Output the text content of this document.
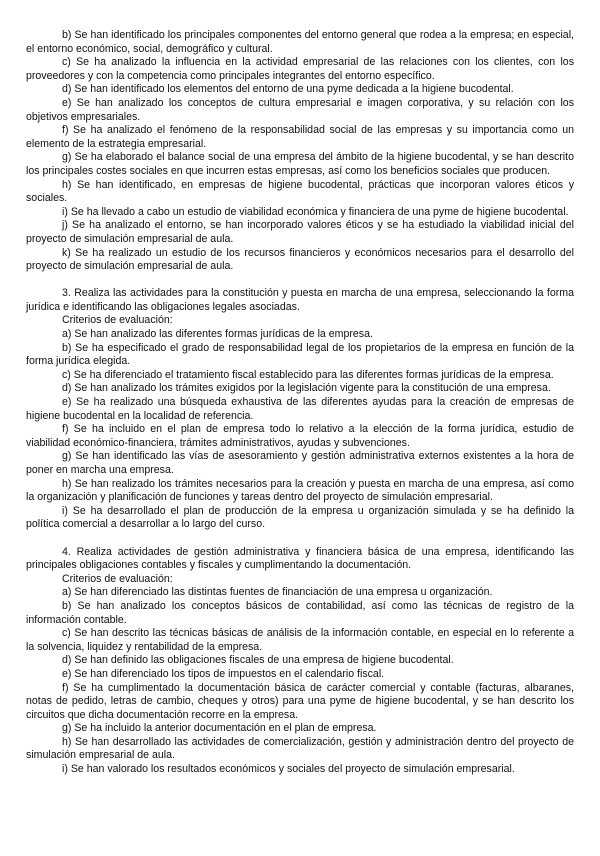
b) Se han identificado los principales componentes del entorno general que rodea a la empresa; en especial, el entorno económico, social, demográfico y cultural.

c) Se ha analizado la influencia en la actividad empresarial de las relaciones con los clientes, con los proveedores y con la competencia como principales integrantes del entorno específico.

d) Se han identificado los elementos del entorno de una pyme dedicada a la higiene bucodental.

e) Se han analizado los conceptos de cultura empresarial e imagen corporativa, y su relación con los objetivos empresariales.

f) Se ha analizado el fenómeno de la responsabilidad social de las empresas y su importancia como un elemento de la estrategia empresarial.

g) Se ha elaborado el balance social de una empresa del ámbito de la higiene bucodental, y se han descrito los principales costes sociales en que incurren estas empresas, así como los beneficios sociales que producen.

h) Se han identificado, en empresas de higiene bucodental, prácticas que incorporan valores éticos y sociales.

i) Se ha llevado a cabo un estudio de viabilidad económica y financiera de una pyme de higiene bucodental.

j) Se ha analizado el entorno, se han incorporado valores éticos y se ha estudiado la viabilidad inicial del proyecto de simulación empresarial de aula.

k) Se ha realizado un estudio de los recursos financieros y económicos necesarios para el desarrollo del proyecto de simulación empresarial de aula.

3. Realiza las actividades para la constitución y puesta en marcha de una empresa, seleccionando la forma jurídica e identificando las obligaciones legales asociadas.

Criterios de evaluación:

a) Se han analizado las diferentes formas jurídicas de la empresa.

b) Se ha especificado el grado de responsabilidad legal de los propietarios de la empresa en función de la forma jurídica elegida.

c) Se ha diferenciado el tratamiento fiscal establecido para las diferentes formas jurídicas de la empresa.

d) Se han analizado los trámites exigidos por la legislación vigente para la constitución de una empresa.

e) Se ha realizado una búsqueda exhaustiva de las diferentes ayudas para la creación de empresas de higiene bucodental en la localidad de referencia.

f) Se ha incluido en el plan de empresa todo lo relativo a la elección de la forma jurídica, estudio de viabilidad económico-financiera, trámites administrativos, ayudas y subvenciones.

g) Se han identificado las vías de asesoramiento y gestión administrativa externos existentes a la hora de poner en marcha una empresa.

h) Se han realizado los trámites necesarios para la creación y puesta en marcha de una empresa, así como la organización y planificación de funciones y tareas dentro del proyecto de simulación empresarial.

i) Se ha desarrollado el plan de producción de la empresa u organización simulada y se ha definido la política comercial a desarrollar a lo largo del curso.

4. Realiza actividades de gestión administrativa y financiera básica de una empresa, identificando las principales obligaciones contables y fiscales y cumplimentando la documentación.

Criterios de evaluación:

a) Se han diferenciado las distintas fuentes de financiación de una empresa u organización.

b) Se han analizado los conceptos básicos de contabilidad, así como las técnicas de registro de la información contable.

c) Se han descrito las técnicas básicas de análisis de la información contable, en especial en lo referente a la solvencia, liquidez y rentabilidad de la empresa.

d) Se han definido las obligaciones fiscales de una empresa de higiene bucodental.

e) Se han diferenciado los tipos de impuestos en el calendario fiscal.

f) Se ha cumplimentado la documentación básica de carácter comercial y contable (facturas, albaranes, notas de pedido, letras de cambio, cheques y otros) para una pyme de higiene bucodental, y se han descrito los circuitos que dicha documentación recorre en la empresa.

g) Se ha incluido la anterior documentación en el plan de empresa.

h) Se han desarrollado las actividades de comercialización, gestión y administración dentro del proyecto de simulación empresarial de aula.

i) Se han valorado los resultados económicos y sociales del proyecto de simulación empresarial.
